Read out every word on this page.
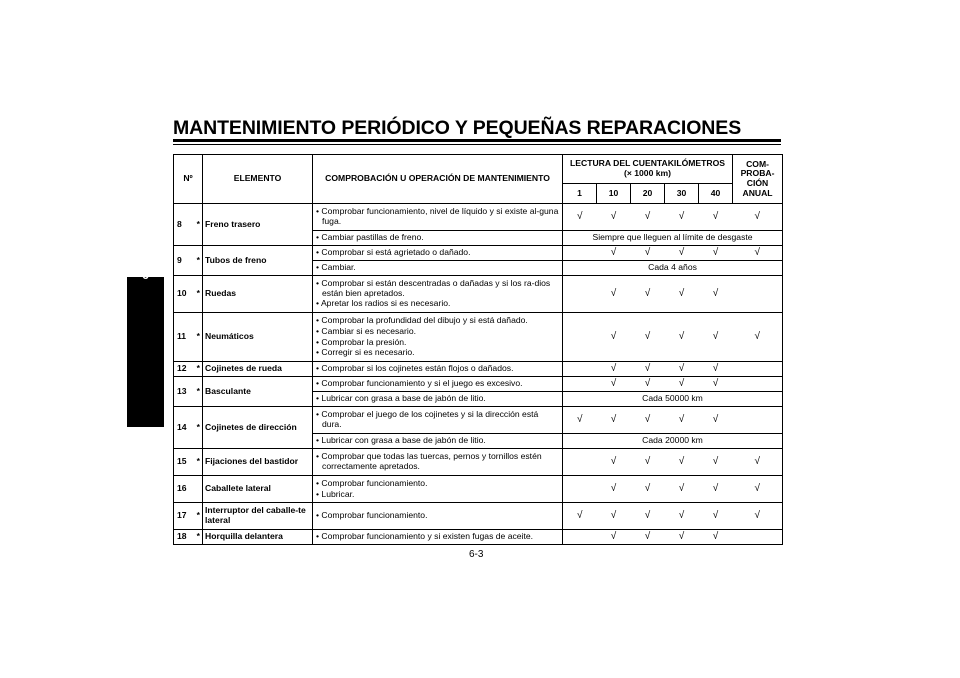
MANTENIMIENTO PERIÓDICO Y PEQUEÑAS REPARACIONES
6
Nº		ELEMENTO	COMPROBACIÓN U OPERACIÓN DE MANTENIMIENTO	LECTURA DEL CUENTAKILÓMETROS
(× 1000 km)					COM-PROBA-CIÓN ANUAL
				1	10	20	30	40	
8	*	Freno trasero	• Comprobar funcionamiento, nivel de líquido y si existe al-guna fuga.	√	√	√	√	√	√

			• Cambiar pastillas de freno.	Siempre que lleguen al límite de desgaste					
9	*	Tubos de freno	• Comprobar si está agrietado o dañado.		√	√	√	√	√

			• Cambiar.	Cada 4 años					
10	*	Ruedas	• Comprobar si están descentradas o dañadas y si los ra-dios están bien apretados.
• Apretar los radios si es necesario.		√	√	√	√	
11	*	Neumáticos	• Comprobar la profundidad del dibujo y si está dañado.
• Cambiar si es necesario.
• Comprobar la presión.
• Corregir si es necesario.		√	√	√	√	√
12	*	Cojinetes de rueda	• Comprobar si los cojinetes están flojos o dañados.		√	√	√	√	
13	*	Basculante	• Comprobar funcionamiento y si el juego es excesivo.		√	√	√	√	

			• Lubricar con grasa a base de jabón de litio.	Cada 50000 km					
14	*	Cojinetes de dirección	• Comprobar el juego de los cojinetes y si la dirección está dura.	√	√	√	√	√	

			• Lubricar con grasa a base de jabón de litio.	Cada 20000 km					
15	*	Fijaciones del bastidor	• Comprobar que todas las tuercas, pernos y tornillos estén correctamente apretados.		√	√	√	√	√
16		Caballete lateral	• Comprobar funcionamiento.
• Lubricar.		√	√	√	√	√
17	*	Interruptor del caballe-te lateral	• Comprobar funcionamiento.	√	√	√	√	√	√
18	*	Horquilla delantera	• Comprobar funcionamiento y si existen fugas de aceite.		√	√	√	√	
6-3
